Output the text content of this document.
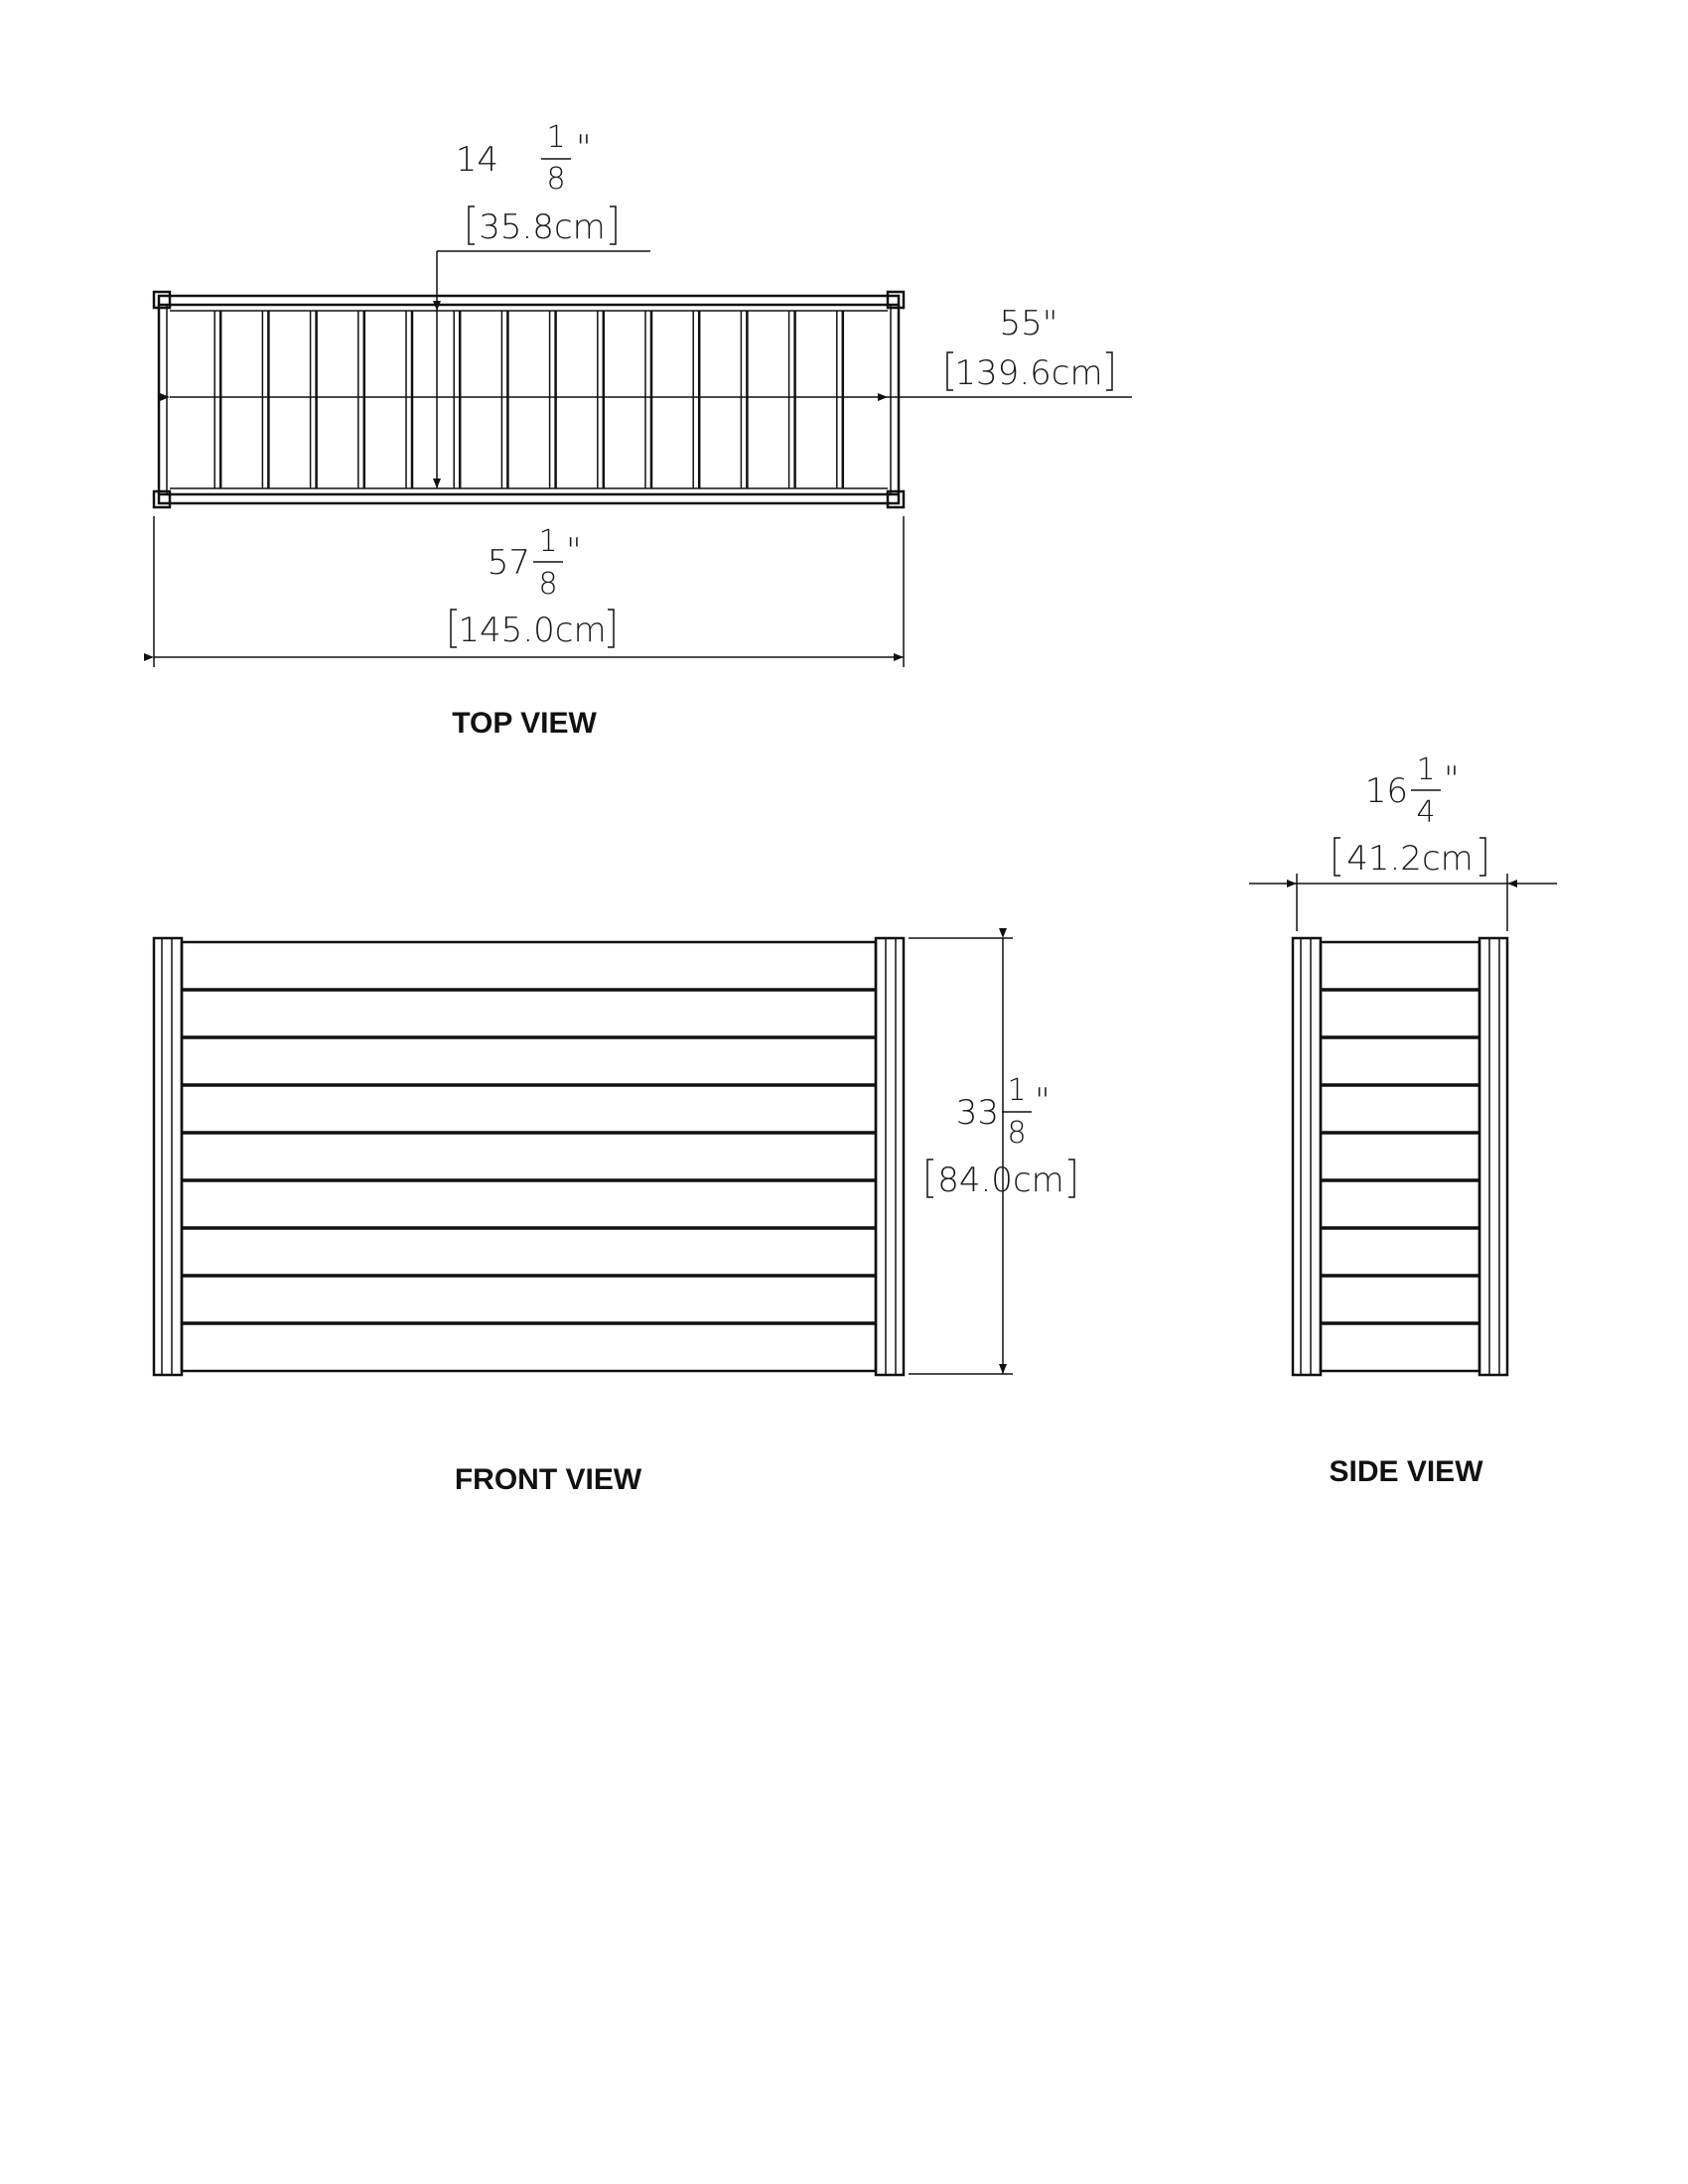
14
1
8
"
35.8cm
55"
139.6cm
57
1
8
"
145.0cm
TOP VIEW
33
1
8
"
84.0cm
FRONT VIEW
16
1
4
"
41.2cm
SIDE VIEW
